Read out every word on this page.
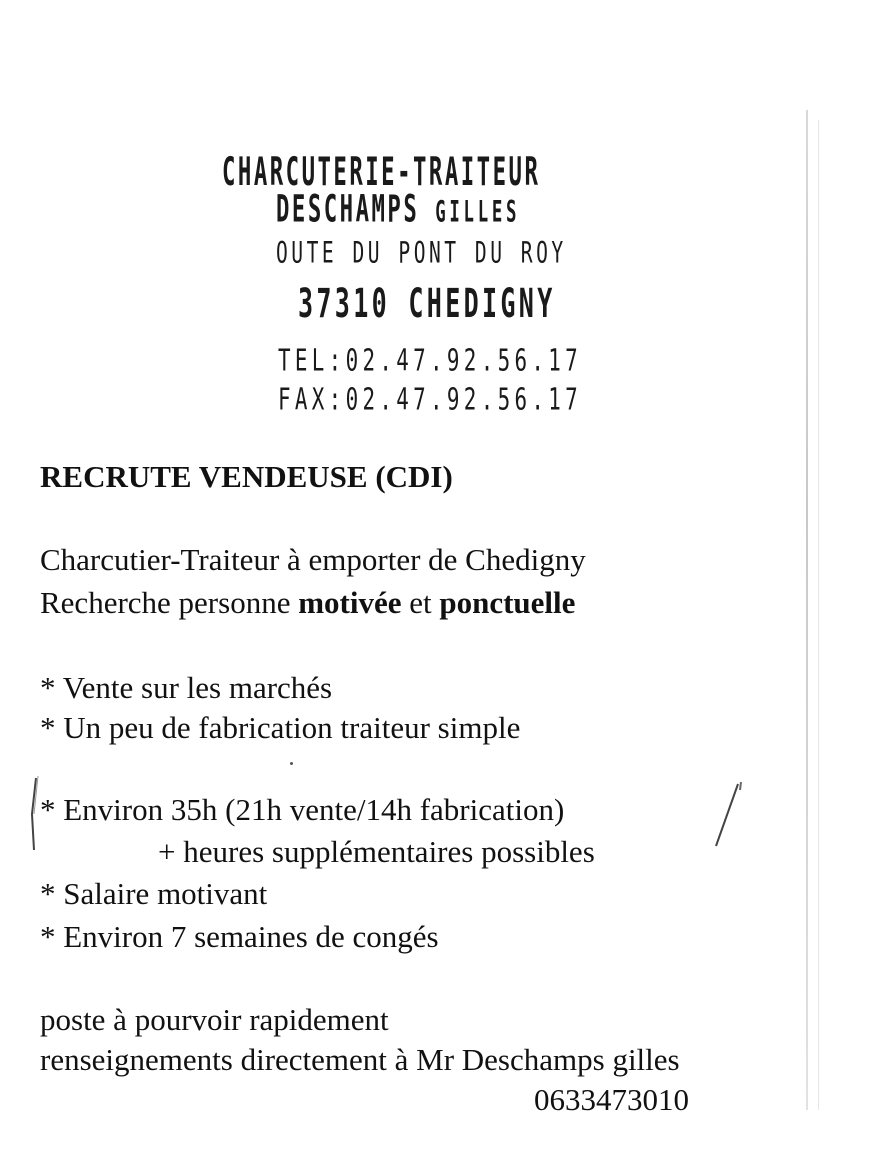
CHARCUTERIE-TRAITEUR
DESCHAMPS GILLES
OUTE DU PONT DU ROY
37310 CHEDIGNY
TEL:02.47.92.56.17
FAX:02.47.92.56.17
RECRUTE VENDEUSE (CDI)
Charcutier-Traiteur à emporter de Chedigny
Recherche personne motivée et ponctuelle
* Vente sur les marchés
* Un peu de fabrication traiteur simple
* Environ 35h (21h vente/14h fabrication)
+ heures supplémentaires possibles
* Salaire motivant
* Environ 7 semaines de congés
poste à pourvoir rapidement
renseignements directement à Mr Deschamps gilles
0633473010
